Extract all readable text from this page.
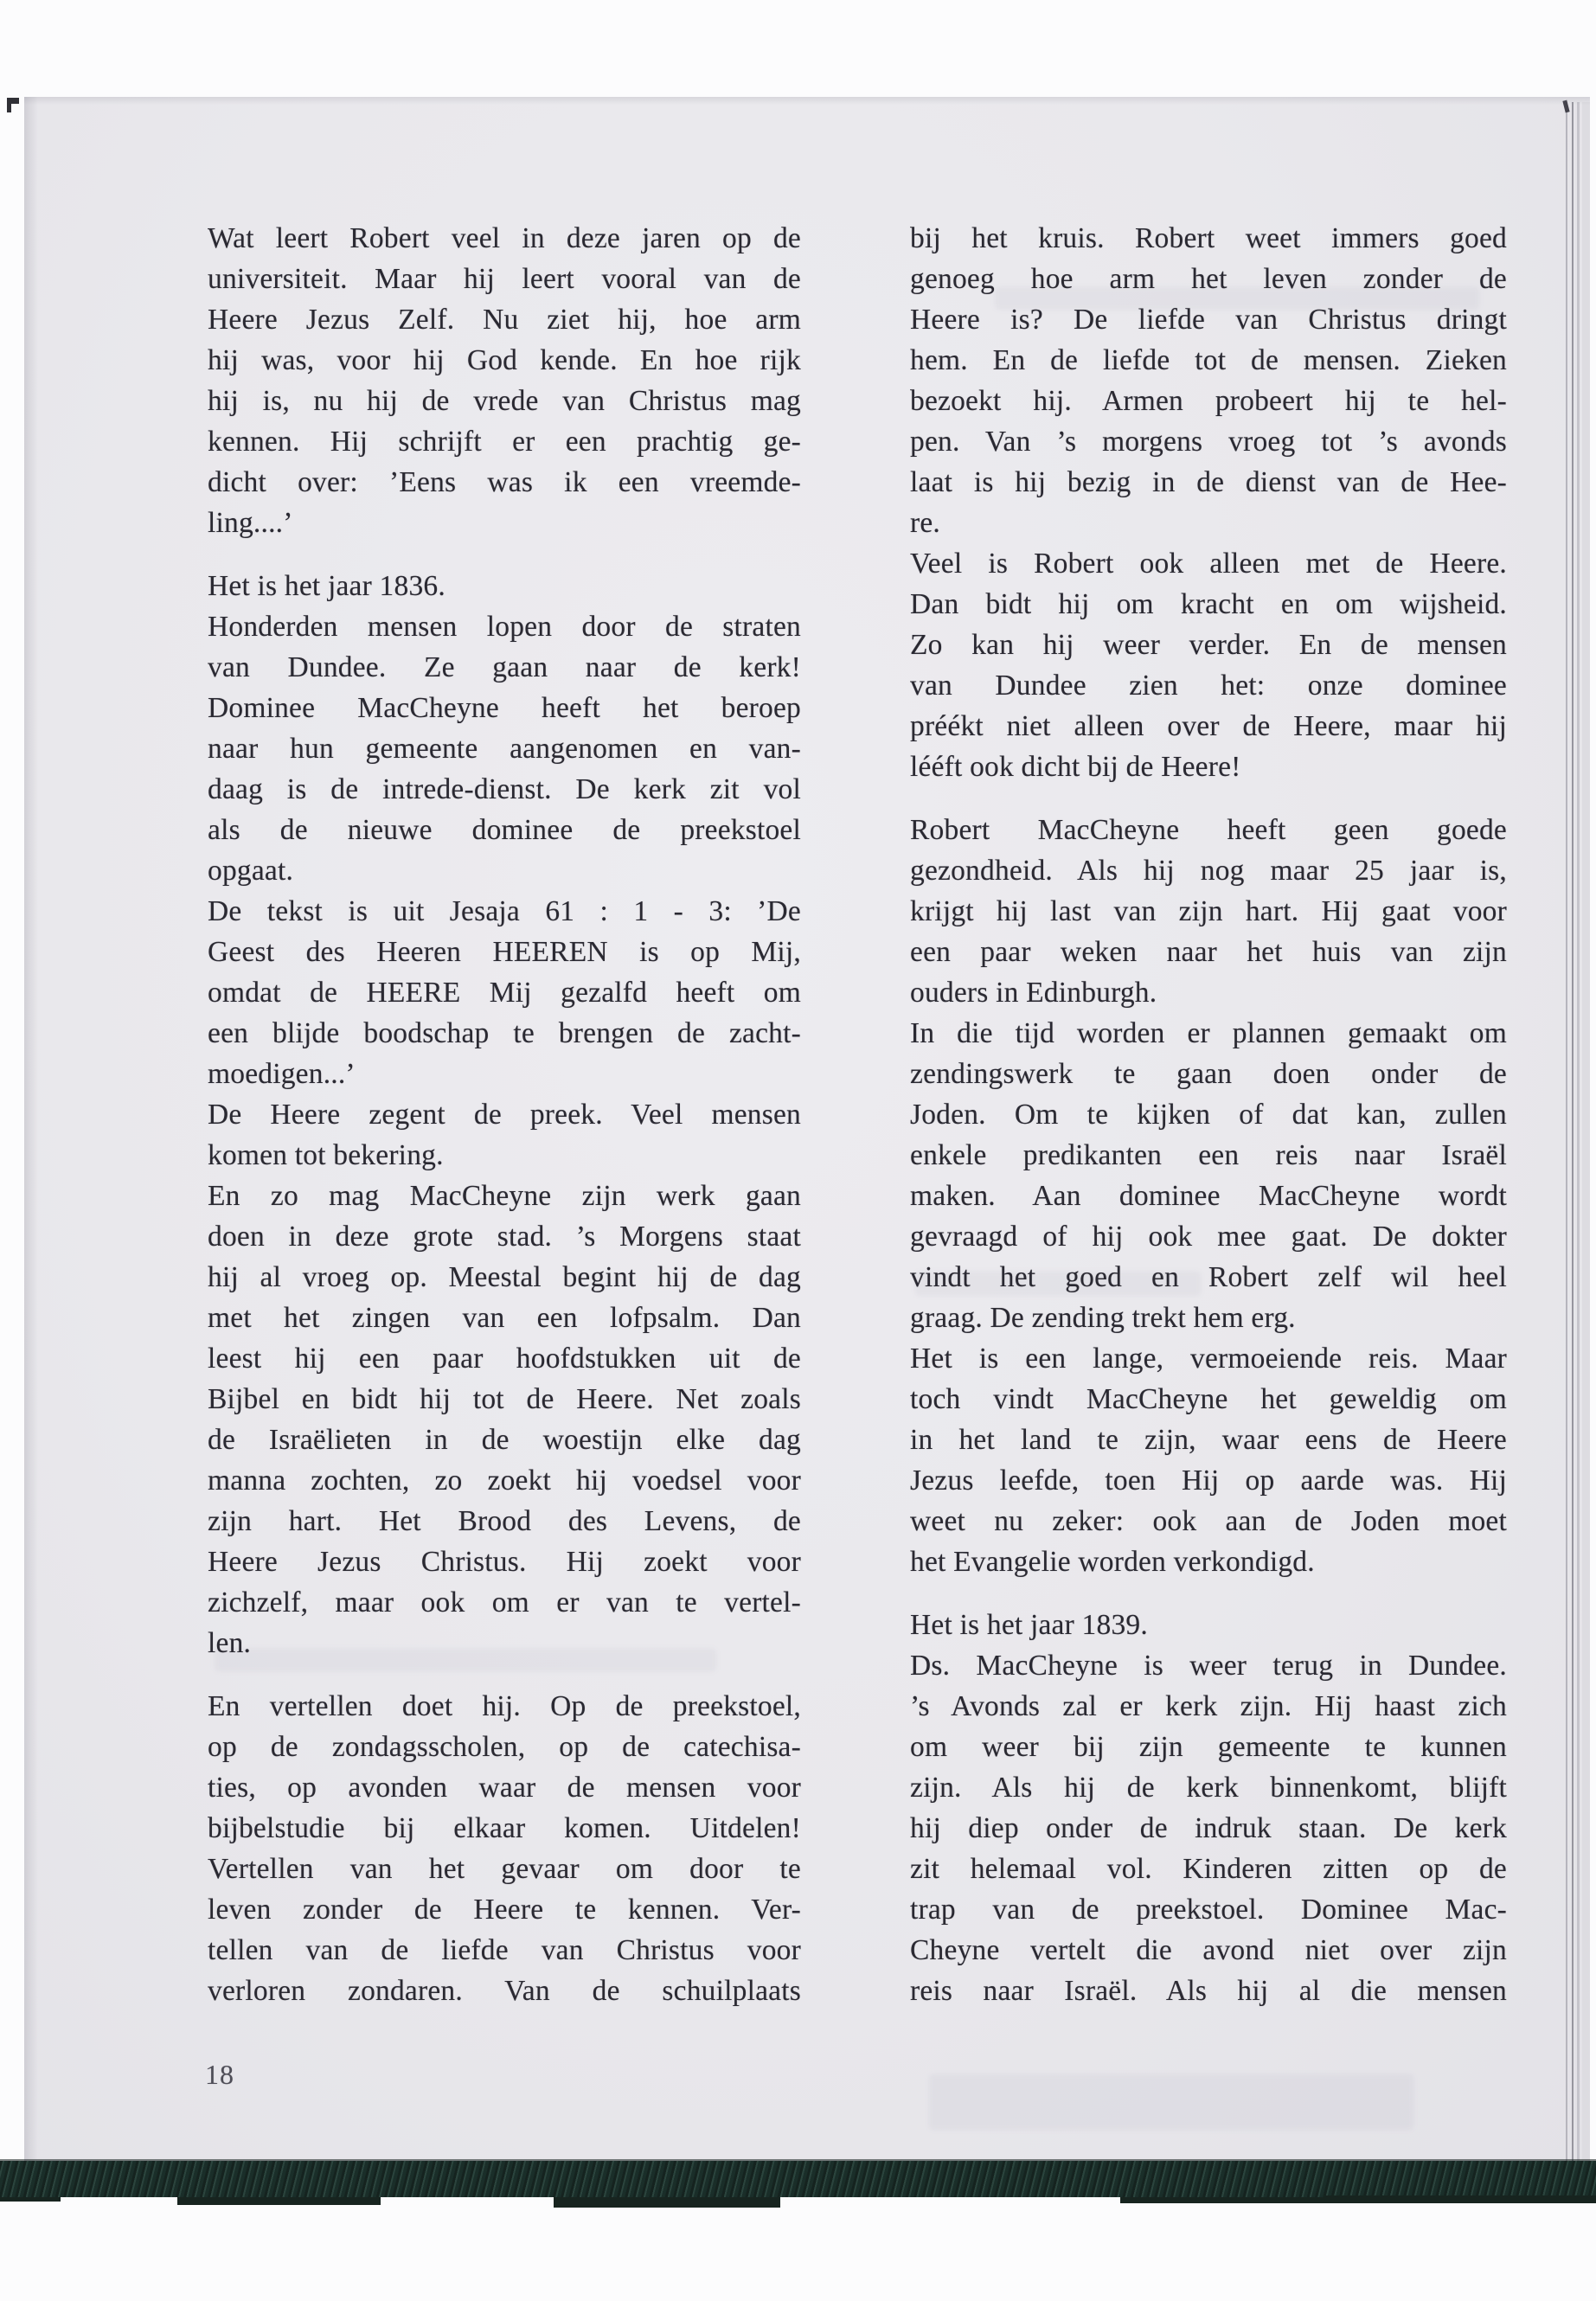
Wat leert Robert veel in deze jaren op de
universiteit. Maar hij leert vooral van de
Heere Jezus Zelf. Nu ziet hij, hoe arm
hij was, voor hij God kende. En hoe rijk
hij is, nu hij de vrede van Christus mag
kennen. Hij schrijft er een prachtig ge-
dicht over: ’Eens was ik een vreemde-
ling....’
Het is het jaar 1836.
Honderden mensen lopen door de straten
van Dundee. Ze gaan naar de kerk!
Dominee MacCheyne heeft het beroep
naar hun gemeente aangenomen en van-
daag is de intrede-dienst. De kerk zit vol
als de nieuwe dominee de preekstoel
opgaat.
De tekst is uit Jesaja 61 : 1 - 3: ’De
Geest des Heeren HEEREN is op Mij,
omdat de HEERE Mij gezalfd heeft om
een blijde boodschap te brengen de zacht-
moedigen...’
De Heere zegent de preek. Veel mensen
komen tot bekering.
En zo mag MacCheyne zijn werk gaan
doen in deze grote stad. ’s Morgens staat
hij al vroeg op. Meestal begint hij de dag
met het zingen van een lofpsalm. Dan
leest hij een paar hoofdstukken uit de
Bijbel en bidt hij tot de Heere. Net zoals
de Israëlieten in de woestijn elke dag
manna zochten, zo zoekt hij voedsel voor
zijn hart. Het Brood des Levens, de
Heere Jezus Christus. Hij zoekt voor
zichzelf, maar ook om er van te vertel-
len.
En vertellen doet hij. Op de preekstoel,
op de zondagsscholen, op de catechisa-
ties, op avonden waar de mensen voor
bijbelstudie bij elkaar komen. Uitdelen!
Vertellen van het gevaar om door te
leven zonder de Heere te kennen. Ver-
tellen van de liefde van Christus voor
verloren zondaren. Van de schuilplaats
bij het kruis. Robert weet immers goed
genoeg hoe arm het leven zonder de
Heere is? De liefde van Christus dringt
hem. En de liefde tot de mensen. Zieken
bezoekt hij. Armen probeert hij te hel-
pen. Van ’s morgens vroeg tot ’s avonds
laat is hij bezig in de dienst van de Hee-
re.
Veel is Robert ook alleen met de Heere.
Dan bidt hij om kracht en om wijsheid.
Zo kan hij weer verder. En de mensen
van Dundee zien het: onze dominee
préékt niet alleen over de Heere, maar hij
lééft ook dicht bij de Heere!
Robert MacCheyne heeft geen goede
gezondheid. Als hij nog maar 25 jaar is,
krijgt hij last van zijn hart. Hij gaat voor
een paar weken naar het huis van zijn
ouders in Edinburgh.
In die tijd worden er plannen gemaakt om
zendingswerk te gaan doen onder de
Joden. Om te kijken of dat kan, zullen
enkele predikanten een reis naar Israël
maken. Aan dominee MacCheyne wordt
gevraagd of hij ook mee gaat. De dokter
vindt het goed en Robert zelf wil heel
graag. De zending trekt hem erg.
Het is een lange, vermoeiende reis. Maar
toch vindt MacCheyne het geweldig om
in het land te zijn, waar eens de Heere
Jezus leefde, toen Hij op aarde was. Hij
weet nu zeker: ook aan de Joden moet
het Evangelie worden verkondigd.
Het is het jaar 1839.
Ds. MacCheyne is weer terug in Dundee.
’s Avonds zal er kerk zijn. Hij haast zich
om weer bij zijn gemeente te kunnen
zijn. Als hij de kerk binnenkomt, blijft
hij diep onder de indruk staan. De kerk
zit helemaal vol. Kinderen zitten op de
trap van de preekstoel. Dominee Mac-
Cheyne vertelt die avond niet over zijn
reis naar Israël. Als hij al die mensen
18
